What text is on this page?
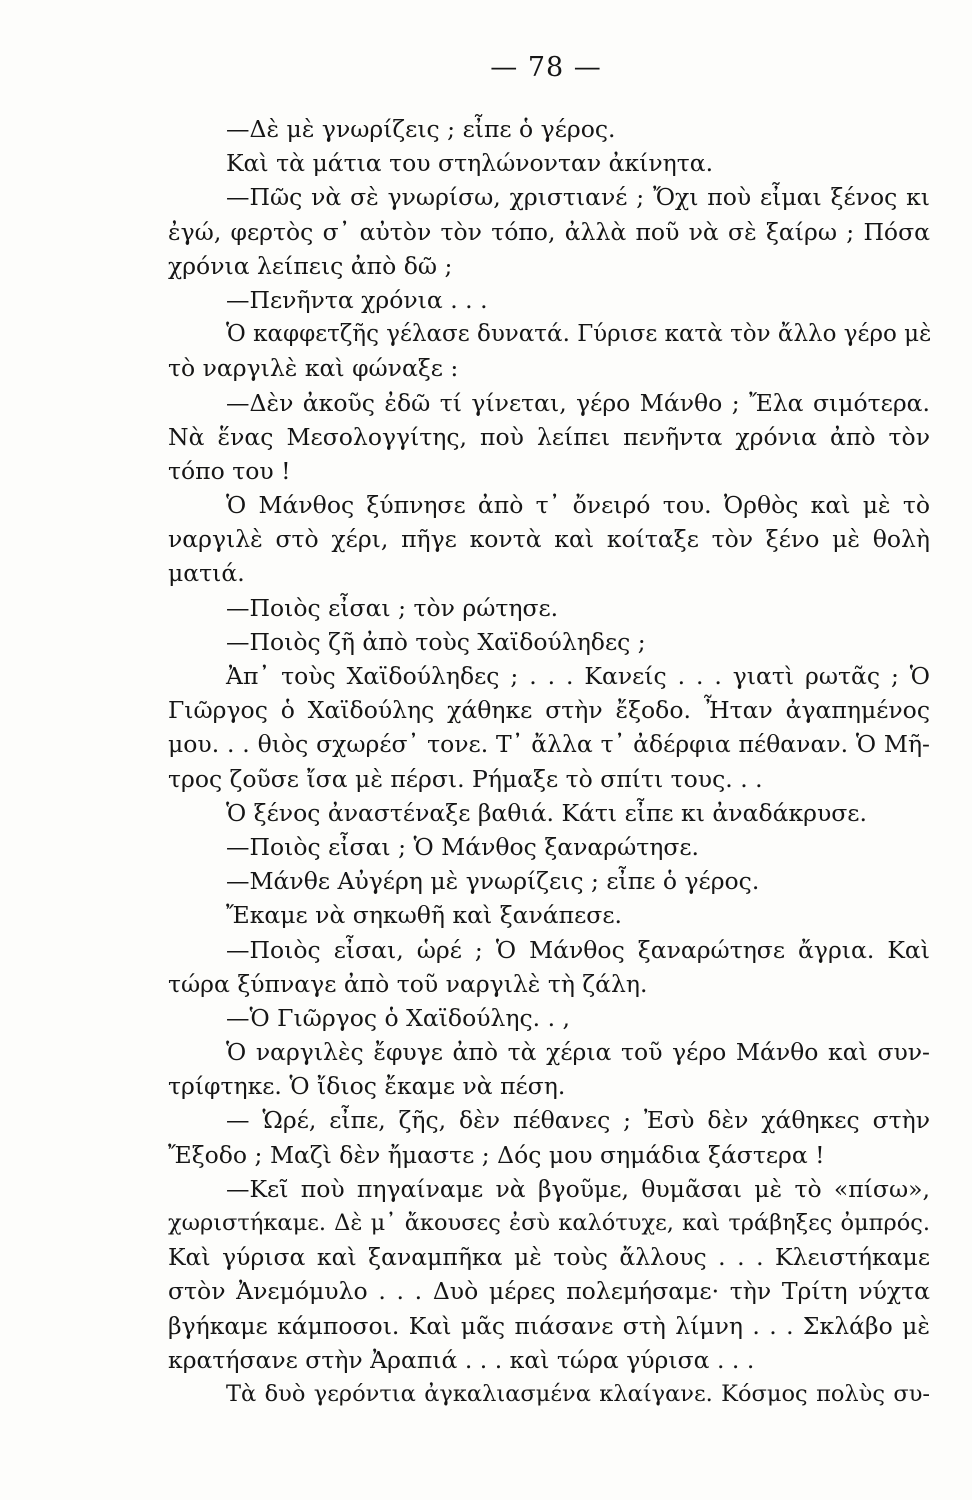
— 78 —
—Δὲ μὲ γνωρίζεις ; εἶπε ὁ γέρος.
Καὶ τὰ μάτια του στηλώνονταν ἀκίνητα.
—Πῶς νὰ σὲ γνωρίσω, χριστιανέ ; Ὄχι ποὺ εἶμαι ξένος κι
ἐγώ, φερτὸς σ᾽ αὐτὸν τὸν τόπο, ἀλλὰ ποῦ νὰ σὲ ξαίρω ; Πόσα
χρόνια λείπεις ἀπὸ δῶ ;
—Πενῆντα χρόνια . . .
Ὁ καφφετζῆς γέλασε δυνατά. Γύρισε κατὰ τὸν ἄλλο γέρο μὲ
τὸ ναργιλὲ καὶ φώναξε :
—Δὲν ἀκοῦς ἐδῶ τί γίνεται, γέρο Μάνθο ; Ἔλα σιμότερα.
Νὰ ἕνας Μεσολογγίτης, ποὺ λείπει πενῆντα χρόνια ἀπὸ τὸν
τόπο του !
Ὁ Μάνθος ξύπνησε ἀπὸ τ᾽ ὄνειρό του. Ὀρθὸς καὶ μὲ τὸ
ναργιλὲ στὸ χέρι, πῆγε κοντὰ καὶ κοίταξε τὸν ξένο μὲ θολὴ
ματιά.
—Ποιὸς εἶσαι ; τὸν ρώτησε.
—Ποιὸς ζῆ ἀπὸ τοὺς Χαϊδούληδες ;
Ἀπ᾽ τοὺς Χαϊδούληδες ; . . . Κανείς . . . γιατὶ ρωτᾶς ; Ὁ
Γιῶργος ὁ Χαϊδούλης χάθηκε στὴν ἔξοδο. Ἦταν ἀγαπημένος
μου. . . θιὸς σχωρέσ᾽ τονε. Τ᾽ ἄλλα τ᾽ ἀδέρφια πέθαναν. Ὁ Μῆ-
τρος ζοῦσε ἴσα μὲ πέρσι. Ρήμαξε τὸ σπίτι τους. . .
Ὁ ξένος ἀναστέναξε βαθιά. Κάτι εἶπε κι ἀναδάκρυσε.
—Ποιὸς εἶσαι ; Ὁ Μάνθος ξαναρώτησε.
—Μάνθε Αὐγέρη μὲ γνωρίζεις ; εἶπε ὁ γέρος.
Ἔκαμε νὰ σηκωθῆ καὶ ξανάπεσε.
—Ποιὸς εἶσαι, ὡρέ ; Ὁ Μάνθος ξαναρώτησε ἄγρια. Καὶ
τώρα ξύπναγε ἀπὸ τοῦ ναργιλὲ τὴ ζάλη.
—Ὁ Γιῶργος ὁ Χαϊδούλης. . ,
Ὁ ναργιλὲς ἔφυγε ἀπὸ τὰ χέρια τοῦ γέρο Μάνθο καὶ συν-
τρίφτηκε. Ὁ ἴδιος ἔκαμε νὰ πέση.
— Ὡρέ, εἶπε, ζῆς, δὲν πέθανες ; Ἐσὺ δὲν χάθηκες στὴν
Ἔξοδο ; Μαζὶ δὲν ἤμαστε ; Δός μου σημάδια ξάστερα !
—Κεῖ ποὺ πηγαίναμε νὰ βγοῦμε, θυμᾶσαι μὲ τὸ «πίσω»,
χωριστήκαμε. Δὲ μ᾽ ἄκουσες ἐσὺ καλότυχε, καὶ τράβηξες ὀμπρός.
Καὶ γύρισα καὶ ξαναμπῆκα μὲ τοὺς ἄλλους . . . Κλειστήκαμε
στὸν Ἀνεμόμυλο . . . Δυὸ μέρες πολεμήσαμε· τὴν Τρίτη νύχτα
βγήκαμε κάμποσοι. Καὶ μᾶς πιάσανε στὴ λίμνη . . . Σκλάβο μὲ
κρατήσανε στὴν Ἀραπιά . . . καὶ τώρα γύρισα . . .
Τὰ δυὸ γερόντια ἀγκαλιασμένα κλαίγανε. Κόσμος πολὺς συ-
